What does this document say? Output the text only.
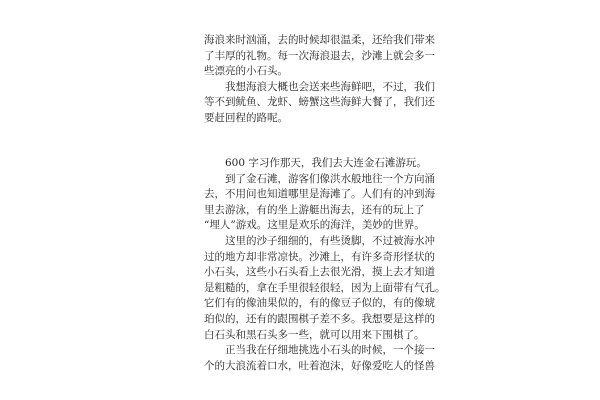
海浪来时汹涌，去的时候却很温柔，还给我们带来
了丰厚的礼物。每一次海浪退去，沙滩上就会多一
些漂亮的小石头。
　　我想海浪大概也会送来些海鲜吧，不过，我们
等不到鱿鱼、龙虾、螃蟹这些海鲜大餐了，我们还
要赶回程的路呢。
　　600 字习作那天，我们去大连金石滩游玩。
　　到了金石滩，游客们像洪水般地往一个方向涌
去，不用问也知道哪里是海滩了。人们有的冲到海
里去游泳，有的坐上游艇出海去，还有的玩上了
“埋人”游戏。这里是欢乐的海洋，美妙的世界。
　　这里的沙子细细的，有些烫脚，不过被海水冲
过的地方却非常凉快。沙滩上，有许多奇形怪状的
小石头，这些小石头看上去很光滑，摸上去才知道
是粗糙的，拿在手里很轻很轻，因为上面带有气孔。
它们有的像油果似的，有的像豆子似的，有的像琥
珀似的，还有的跟围棋子差不多。我想要是这样的
白石头和黑石头多一些，就可以用来下围棋了。
　　正当我在仔细地挑选小石头的时候，一个接一
个的大浪流着口水，吐着泡沫，好像爱吃人的怪兽
